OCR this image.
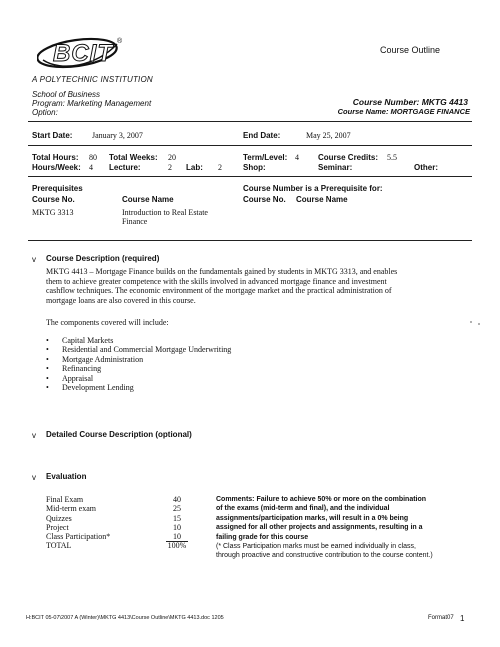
BCIT ®
A POLYTECHNIC INSTITUTION
Course Outline
School of Business
Program: Marketing Management
Option:
Course Number: MKTG 4413
Course Name: MORTGAGE FINANCE
Start Date: January 3, 2007	End Date:	May 25, 2007
Total Hours: 80 Total Weeks: 20	Term/Level: 4 Course Credits: 5.5
Hours/Week: 4 Lecture:	2 Lab: 2	Shop:	Seminar:	Other:
Prerequisites
Course No.	Course Name
MKTG 3313	Introduction to Real Estate Finance
Course Number is a Prerequisite for:
Course No. Course Name
v Course Description (required)
MKTG 4413 – Mortgage Finance builds on the fundamentals gained by students in MKTG 3313, and enables
them to achieve greater competence with the skills involved in advanced mortgage finance and investment
cashflow techniques. The economic environment of the mortgage market and the practical administration of
mortgage loans are also covered in this course.
The components covered will include:
• Capital Markets
• Residential and Commercial Mortgage Underwriting
• Mortgage Administration
• Refinancing
• Appraisal
• Development Lending
v Detailed Course Description (optional)
v Evaluation
Final Exam	40
Mid-term exam	25
Quizzes	15
Project	10
Class Participation*	10
TOTAL	100%
Comments: Failure to achieve 50% or more on the combination
of the exams (mid-term and final), and the individual
assignments/participation marks, will result in a 0% being
assigned for all other projects and assignments, resulting in a
failing grade for this course
(* Class Participation marks must be earned individually in class,
through proactive and constructive contribution to the course content.)
H:BCIT 05-07\2007 A (Winter)\MKTG 4413\Course Outline\MKTG 4413.doc 1205	Format07 1
